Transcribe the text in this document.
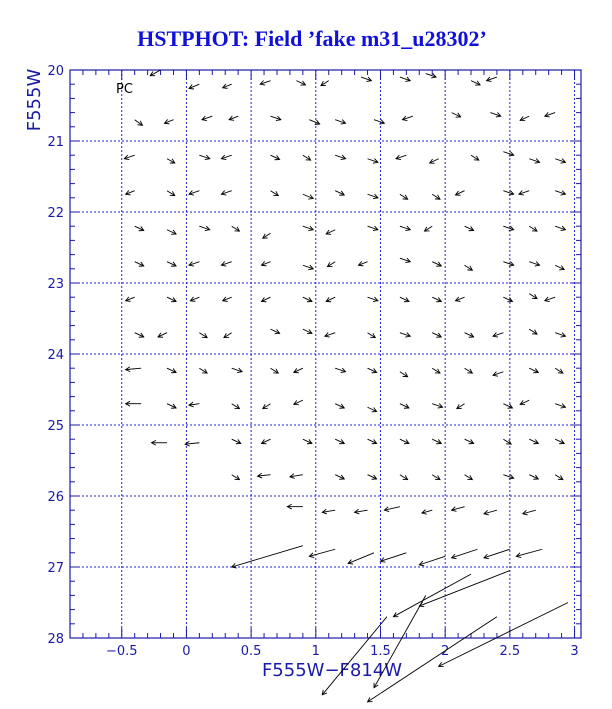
HSTPHOT: Field ’fake m31_u28302’
−0.5	0	0.5	1	1.5	2	2.5	3
20
21
22
23
24
25
26
27
28
F555W−F814W
F555W	PC
